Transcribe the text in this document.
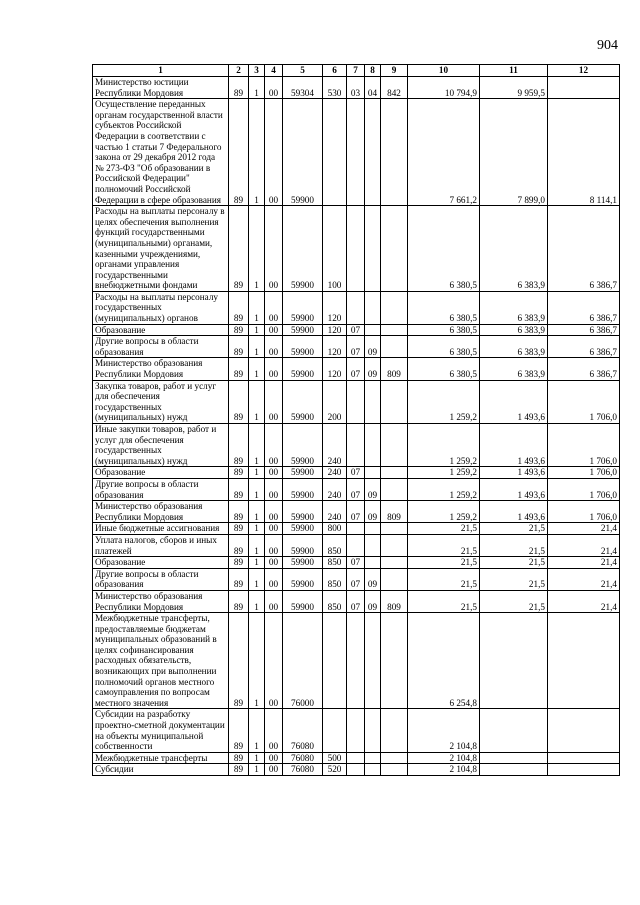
904
1	2	3	4	5	6	7	8	9	10	11	12
Министерство юстиции Республики Мордовия	89	1	00	59304	530	03	04	842	10 794,9	9 959,5	
Осуществление переданных органам государственной власти субъектов Российской Федерации в соответствии с частью 1 статьи 7 Федерального закона от 29 декабря 2012 года № 273-ФЗ "Об образовании в Российской Федерации" полномочий Российской Федерации в сфере образования	89	1	00	59900					7 661,2	7 899,0	8 114,1
Расходы на выплаты персоналу в целях обеспечения выполнения функций государственными (муниципальными) органами, казенными учреждениями, органами управления государственными внебюджетными фондами	89	1	00	59900	100				6 380,5	6 383,9	6 386,7
Расходы на выплаты персоналу государственных (муниципальных) органов	89	1	00	59900	120				6 380,5	6 383,9	6 386,7
Образование	89	1	00	59900	120	07			6 380,5	6 383,9	6 386,7
Другие вопросы в области образования	89	1	00	59900	120	07	09		6 380,5	6 383,9	6 386,7
Министерство образования Республики Мордовия	89	1	00	59900	120	07	09	809	6 380,5	6 383,9	6 386,7
Закупка товаров, работ и услуг для обеспечения государственных (муниципальных) нужд	89	1	00	59900	200				1 259,2	1 493,6	1 706,0
Иные закупки товаров, работ и услуг для обеспечения государственных (муниципальных) нужд	89	1	00	59900	240				1 259,2	1 493,6	1 706,0
Образование	89	1	00	59900	240	07			1 259,2	1 493,6	1 706,0
Другие вопросы в области образования	89	1	00	59900	240	07	09		1 259,2	1 493,6	1 706,0
Министерство образования Республики Мордовия	89	1	00	59900	240	07	09	809	1 259,2	1 493,6	1 706,0
Иные бюджетные ассигнования	89	1	00	59900	800				21,5	21,5	21,4
Уплата налогов, сборов и иных платежей	89	1	00	59900	850				21,5	21,5	21,4
Образование	89	1	00	59900	850	07			21,5	21,5	21,4
Другие вопросы в области образования	89	1	00	59900	850	07	09		21,5	21,5	21,4
Министерство образования Республики Мордовия	89	1	00	59900	850	07	09	809	21,5	21,5	21,4
Межбюджетные трансферты, предоставляемые бюджетам муниципальных образований в целях софинансирования расходных обязательств, возникающих при выполнении полномочий органов местного самоуправления по вопросам местного значения	89	1	00	76000					6 254,8		
Субсидии на разработку проектно-сметной документации на объекты муниципальной собственности	89	1	00	76080					2 104,8		
Межбюджетные трансферты	89	1	00	76080	500				2 104,8		
Субсидии	89	1	00	76080	520				2 104,8		
